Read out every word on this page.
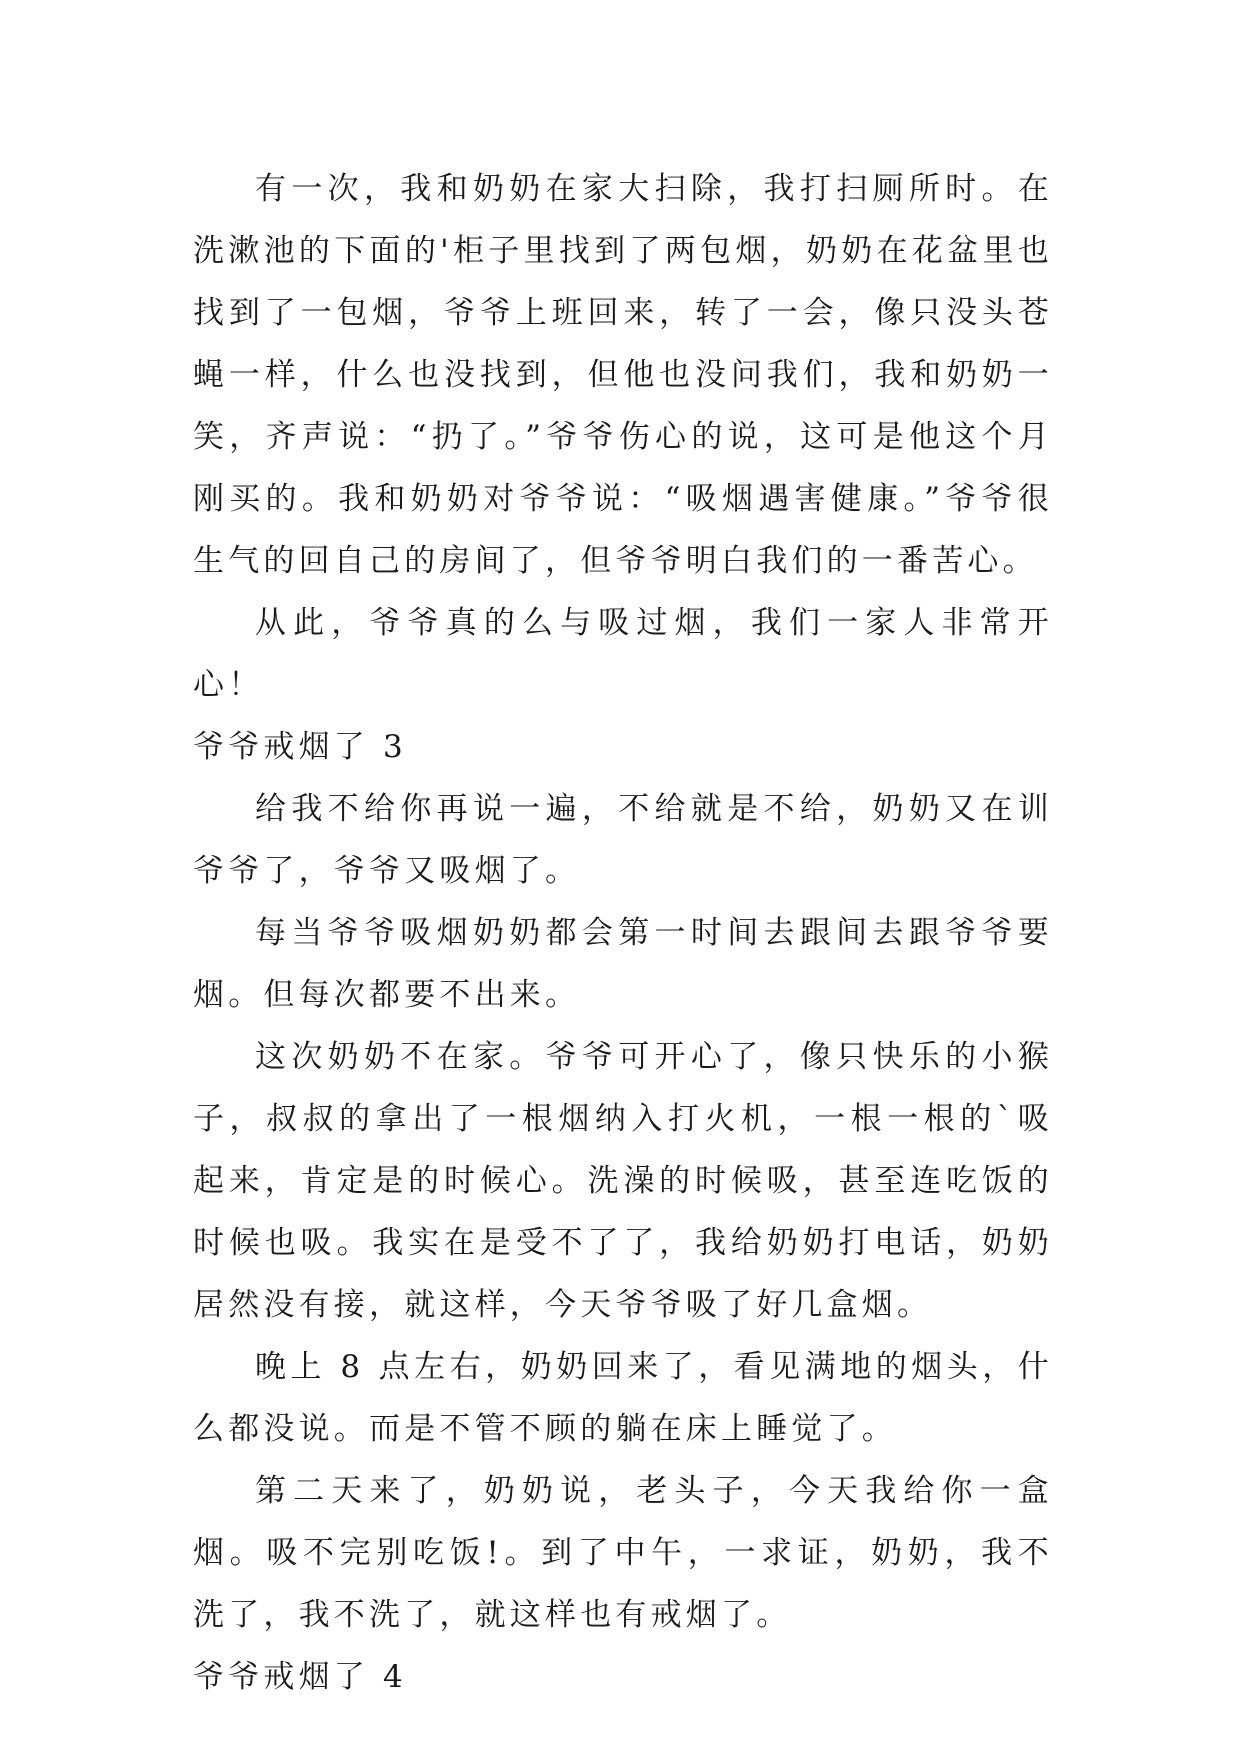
有一次，我和奶奶在家大扫除，我打扫厕所时。在洗漱池的下面的'柜子里找到了两包烟，奶奶在花盆里也找到了一包烟，爷爷上班回来，转了一会，像只没头苍蝇一样，什么也没找到，但他也没问我们，我和奶奶一笑，齐声说：“扔了。”爷爷伤心的说，这可是他这个月刚买的。我和奶奶对爷爷说：“吸烟遇害健康。”爷爷很生气的回自己的房间了，但爷爷明白我们的一番苦心。

从此，爷爷真的么与吸过烟，我们一家人非常开心！

爷爷戒烟了 3

给我不给你再说一遍，不给就是不给，奶奶又在训爷爷了，爷爷又吸烟了。

每当爷爷吸烟奶奶都会第一时间去跟间去跟爷爷要烟。但每次都要不出来。

这次奶奶不在家。爷爷可开心了，像只快乐的小猴子，叔叔的拿出了一根烟纳入打火机，一根一根的`吸起来，肯定是的时候心。洗澡的时候吸，甚至连吃饭的时候也吸。我实在是受不了了，我给奶奶打电话，奶奶居然没有接，就这样，今天爷爷吸了好几盒烟。

晚上 8 点左右，奶奶回来了，看见满地的烟头，什么都没说。而是不管不顾的躺在床上睡觉了。

第二天来了，奶奶说，老头子，今天我给你一盒烟。吸不完别吃饭!。到了中午，一求证，奶奶，我不洗了，我不洗了，就这样也有戒烟了。

爷爷戒烟了 4
